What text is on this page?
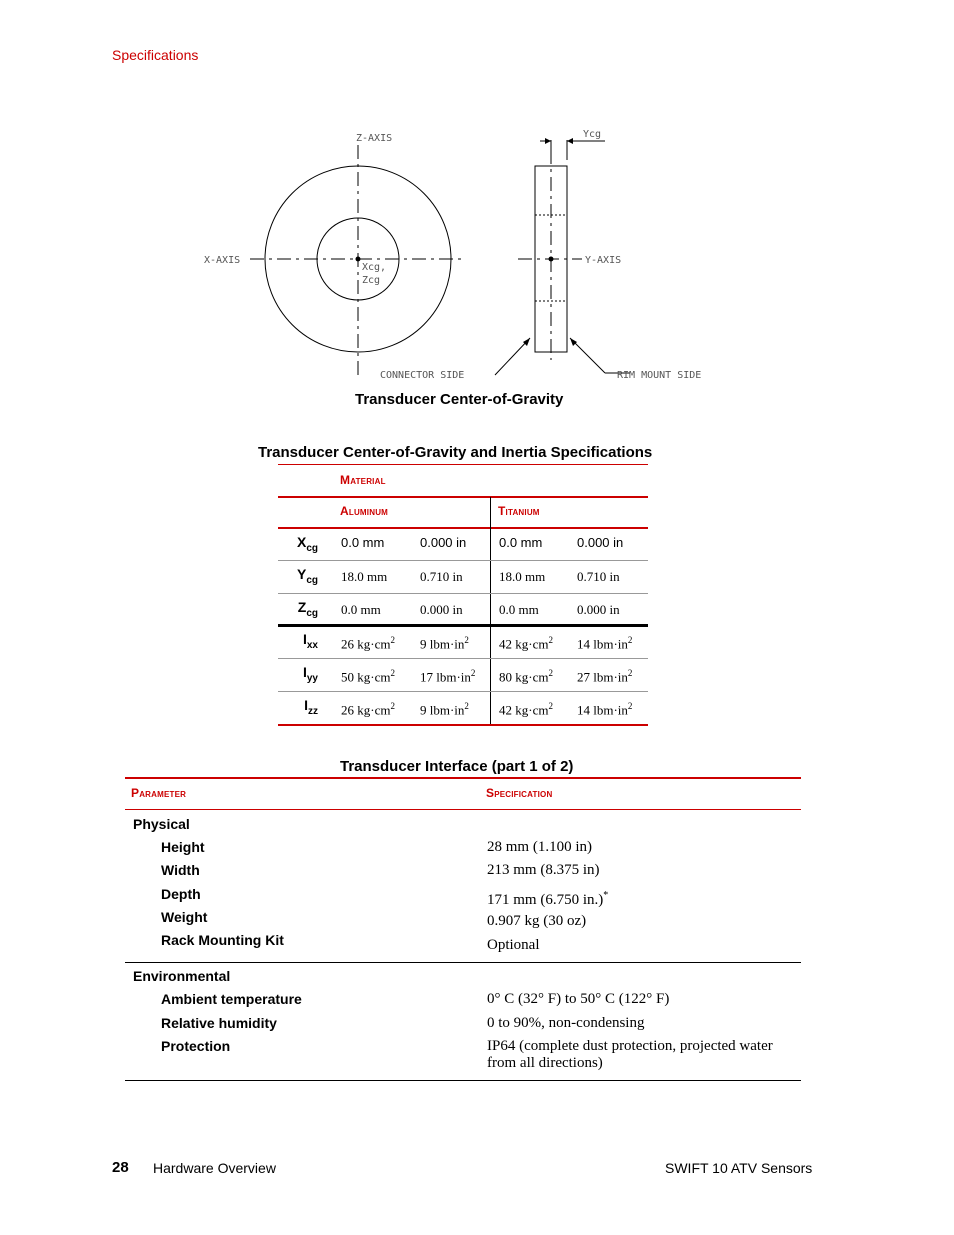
Specifications
Z-AXIS
X-AXIS
Xcg,
Zcg
Y-AXIS
Ycg
CONNECTOR SIDE	RIM MOUNT SIDE
Transducer Center-of-Gravity
Transducer Center-of-Gravity and Inertia Specifications
Material
Aluminum	Titanium
$X_{cg}$ 0.0 mm	0.000 in	0.0 mm	0.000 in
$Y_{cg}$ 18.0 mm	0.710 in	18.0 mm 0.710 in
$Z_{cg}$ 0.0 mm	0.000 in	0.0 mm	0.000 in
$I_{xx}$ 26 $kg\cdot cm^2$ 9 $lbm\cdot in^2$ 42 $kg\cdot cm^2$ 14 $lbm\cdot in^2$
$I_{yy}$ 50 $kg\cdot cm^2$ 17 $lbm\cdot in^2$ 80 $kg\cdot cm^2$ 27 $lbm\cdot in^2$
$I_{zz}$ 26 $kg\cdot cm^2$ 9 $lbm\cdot in^2$ 42 $kg\cdot cm^2$ 14 $lbm\cdot in^2$
Transducer Interface (part 1 of 2)
Parameter	Specification
Physical
Height	28 mm (1.100 in)
Width	213 mm (8.375 in)
Depth	171 mm (6.750 in.)*
Weight	0.907 kg (30 oz)
Rack Mounting Kit	Optional
Environmental
Ambient temperature	0° C (32° F) to 50° C (122° F)
Relative humidity	0 to 90%, non-condensing
Protection	IP64 (complete dust protection, projected water
from all directions)
28 Hardware Overview	SWIFT 10 ATV Sensors
